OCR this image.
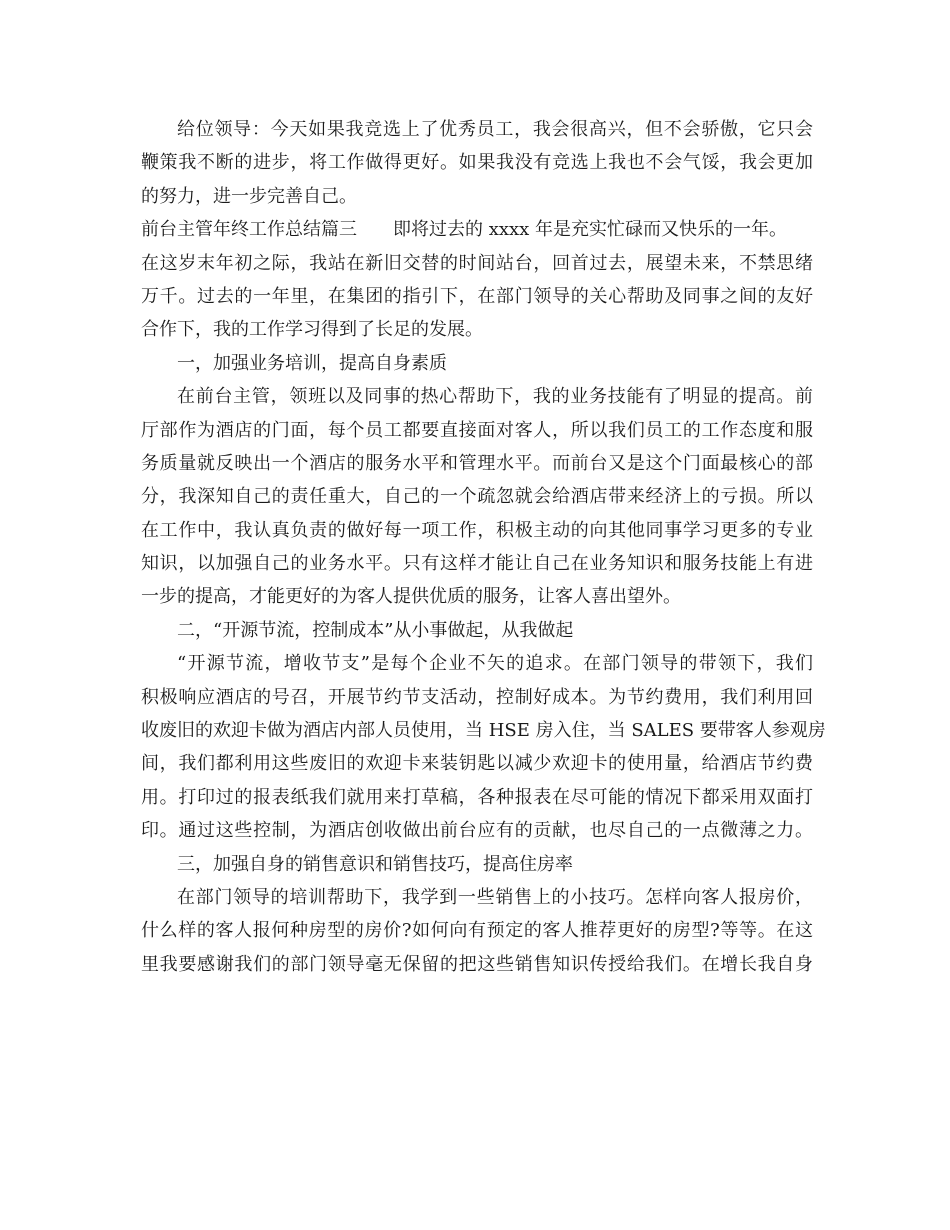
给位领导：今天如果我竞选上了优秀员工，我会很高兴，但不会骄傲，它只会
鞭策我不断的进步，将工作做得更好。如果我没有竞选上我也不会气馁，我会更加
的努力，进一步完善自己。
前台主管年终工作总结篇三　　即将过去的 xxxx 年是充实忙碌而又快乐的一年。
在这岁末年初之际，我站在新旧交替的时间站台，回首过去，展望未来，不禁思绪
万千。过去的一年里，在集团的指引下，在部门领导的关心帮助及同事之间的友好
合作下，我的工作学习得到了长足的发展。
一，加强业务培训，提高自身素质
在前台主管，领班以及同事的热心帮助下，我的业务技能有了明显的提高。前
厅部作为酒店的门面，每个员工都要直接面对客人，所以我们员工的工作态度和服
务质量就反映出一个酒店的服务水平和管理水平。而前台又是这个门面最核心的部
分，我深知自己的责任重大，自己的一个疏忽就会给酒店带来经济上的亏损。所以
在工作中，我认真负责的做好每一项工作，积极主动的向其他同事学习更多的专业
知识，以加强自己的业务水平。只有这样才能让自己在业务知识和服务技能上有进
一步的提高，才能更好的为客人提供优质的服务，让客人喜出望外。
二，“开源节流，控制成本”从小事做起，从我做起
“开源节流，增收节支”是每个企业不矢的追求。在部门领导的带领下，我们
积极响应酒店的号召，开展节约节支活动，控制好成本。为节约费用，我们利用回
收废旧的欢迎卡做为酒店内部人员使用，当 HSE 房入住，当 SALES 要带客人参观房
间，我们都利用这些废旧的欢迎卡来装钥匙以减少欢迎卡的使用量，给酒店节约费
用。打印过的报表纸我们就用来打草稿，各种报表在尽可能的情况下都采用双面打
印。通过这些控制，为酒店创收做出前台应有的贡献，也尽自己的一点微薄之力。
三，加强自身的销售意识和销售技巧，提高住房率
在部门领导的培训帮助下，我学到一些销售上的小技巧。怎样向客人报房价，
什么样的客人报何种房型的房价?如何向有预定的客人推荐更好的房型?等等。在这
里我要感谢我们的部门领导毫无保留的把这些销售知识传授给我们。在增长我自身
